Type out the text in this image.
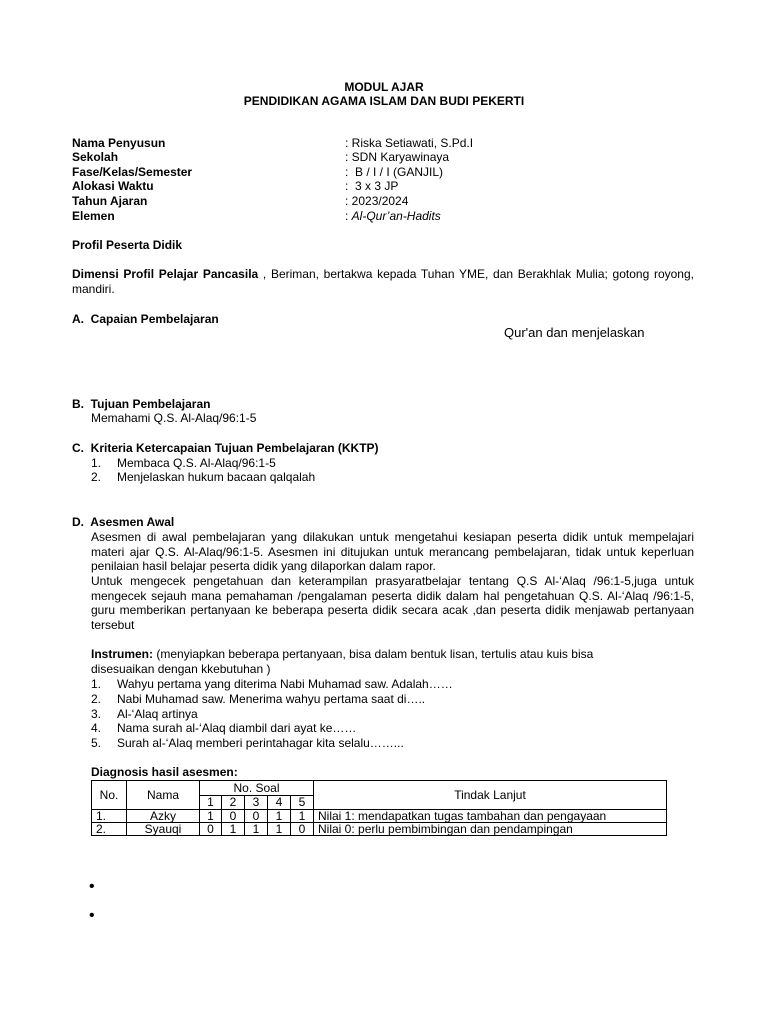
MODUL AJAR
PENDIDIKAN AGAMA ISLAM DAN BUDI PEKERTI
Nama Penyusun	: Riska Setiawati, S.Pd.I
Sekolah	: SDN Karyawinaya
Fase/Kelas/Semester	:  B / I / I (GANJIL)
Alokasi Waktu	:  3 x 3 JP
Tahun Ajaran	: 2023/2024
Elemen	: Al-Qur’an-Hadits
Profil Peserta Didik
Dimensi Profil Pelajar Pancasila , Beriman, bertakwa kepada Tuhan YME, dan Berakhlak Mulia; gotong royong, mandiri.
A.  Capaian Pembelajaran
Qur'an dan menjelaskan
B.  Tujuan Pembelajaran
Memahami Q.S. Al-Alaq/96:1-5
C.  Kriteria Ketercapaian Tujuan Pembelajaran (KKTP)
1. Membaca Q.S. Al-Alaq/96:1-5
2. Menjelaskan hukum bacaan qalqalah
D.  Asesmen Awal
Asesmen di awal pembelajaran yang dilakukan untuk mengetahui kesiapan peserta didik untuk mempelajari materi ajar Q.S. Al-Alaq/96:1-5. Asesmen ini ditujukan untuk merancang pembelajaran, tidak untuk keperluan penilaian hasil belajar peserta didik yang dilaporkan dalam rapor.
Untuk mengecek pengetahuan dan keterampilan prasyaratbelajar tentang Q.S Al-‘Alaq /96:1-5,juga untuk mengecek sejauh mana pemahaman /pengalaman peserta didik dalam hal pengetahuan Q.S. Al-‘Alaq /96:1-5, guru memberikan pertanyaan ke beberapa peserta didik secara acak ,dan peserta didik menjawab pertanyaan tersebut
Instrumen: (menyiapkan beberapa pertanyaan, bisa dalam bentuk lisan, tertulis atau kuis bisa disesuaikan dengan kkebutuhan )
1. Wahyu pertama yang diterima Nabi Muhamad saw. Adalah……
2. Nabi Muhamad saw. Menerima wahyu pertama saat di…..
3. Al-‘Alaq artinya
4. Nama surah al-‘Alaq diambil dari ayat ke……
5. Surah al-‘Alaq memberi perintahagar kita selalu……...
Diagnosis hasil asesmen:
No.	Nama	No. Soal					Tindak Lanjut
		1	2	3	4	5	
1.	Azky	1	0	0	1	1	Nilai 1: mendapatkan tugas tambahan dan pengayaan
2.	Syauqi	0	1	1	1	0	Nilai 0: perlu pembimbingan dan pendampingan
•
•
